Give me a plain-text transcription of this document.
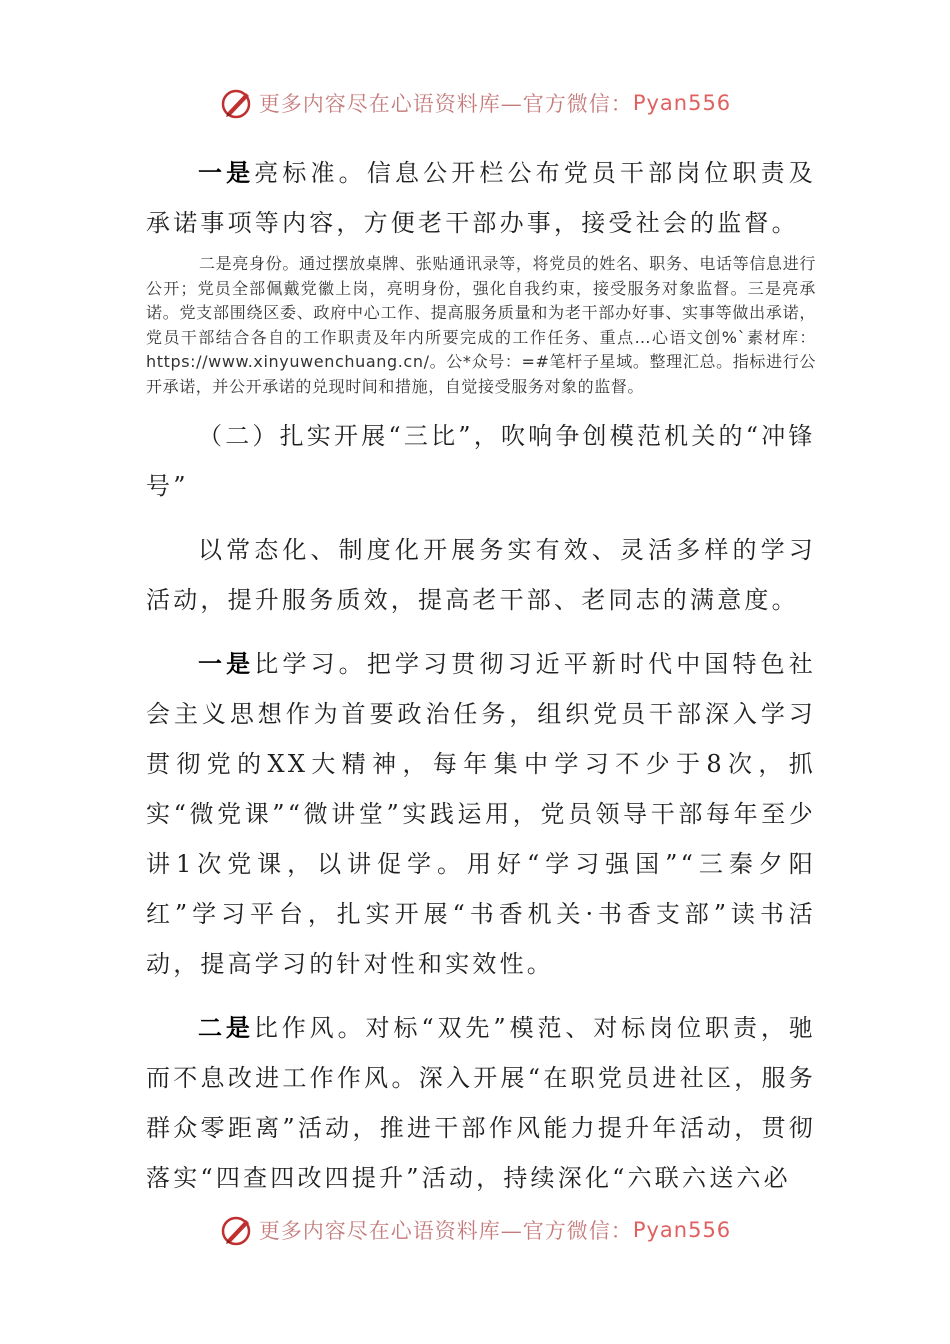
更多内容尽在心语资料库—官方微信： Pyan556

一是亮标准。信息公开栏公布党员干部岗位职责及承诺事项等内容，方便老干部办事，接受社会的监督。

二是亮身份。通过摆放桌牌、张贴通讯录等，将党员的姓名、职务、电话等信息进行公开；党员全部佩戴党徽上岗，亮明身份，强化自我约束，接受服务对象监督。三是亮承诺。党支部围绕区委、政府中心工作、提高服务质量和为老干部办好事、实事等做出承诺，党员干部结合各自的工作职责及年内所要完成的工作任务、重点…心语文创%`素材库：https://www.xinyuwenchuang.cn/。公*众号：=#笔杆子星域。整理汇总。指标进行公开承诺，并公开承诺的兑现时间和措施，自觉接受服务对象的监督。

（二）扎实开展“三比”，吹响争创模范机关的“冲锋号”

以常态化、制度化开展务实有效、灵活多样的学习活动，提升服务质效，提高老干部、老同志的满意度。

一是比学习。把学习贯彻习近平新时代中国特色社会主义思想作为首要政治任务，组织党员干部深入学习贯彻党的XX大精神，每年集中学习不少于8次，抓实“微党课”“微讲堂”实践运用，党员领导干部每年至少讲1次党课，以讲促学。用好“学习强国”“三秦夕阳红”学习平台，扎实开展“书香机关·书香支部”读书活动，提高学习的针对性和实效性。

二是比作风。对标“双先”模范、对标岗位职责，驰而不息改进工作作风。深入开展“在职党员进社区，服务群众零距离”活动，推进干部作风能力提升年活动，贯彻落实“四查四改四提升”活动，持续深化“六联六送六必

更多内容尽在心语资料库—官方微信： Pyan556
